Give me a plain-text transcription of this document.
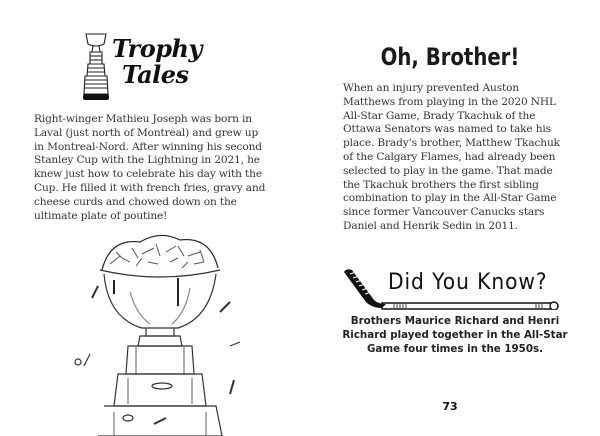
Trophy
Tales

Right-winger Mathieu Joseph was born in Laval (just north of Montreal) and grew up in Montreal-Nord. After winning his second Stanley Cup with the Lightning in 2021, he knew just how to celebrate his day with the Cup. He filled it with french fries, gravy and cheese curds and chowed down on the ultimate plate of poutine!

Oh, Brother!

When an injury prevented Auston Matthews from playing in the 2020 NHL All-Star Game, Brady Tkachuk of the Ottawa Senators was named to take his place. Brady’s brother, Matthew Tkachuk of the Calgary Flames, had already been selected to play in the game. That made the Tkachuk brothers the first sibling combination to play in the All-Star Game since former Vancouver Canucks stars Daniel and Henrik Sedin in 2011.

Did You Know?

Brothers Maurice Richard and Henri Richard played together in the All-Star Game four times in the 1950s.

73
